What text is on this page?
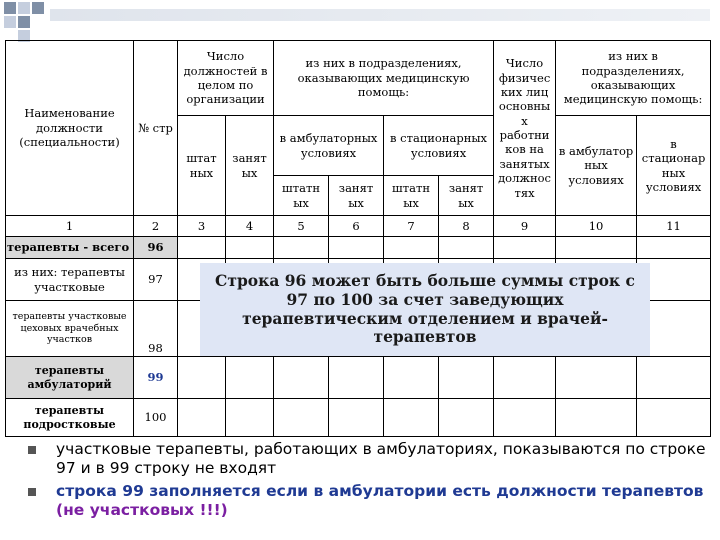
Наименование должности (специальности)	№ стр	Число должностей в целом по организации		из них в подразделениях, оказывающих медицинскую помощь:				Число физичес ких лиц основны х работни ков на занятых должнос тях	из них в подразделениях, оказывающих медицинскую помощь:	
		штат ных	занят ых	в амбулаторных условиях		в стационарных условиях			в амбулатор ных условиях	в стационар ных условиях
				штатн ых	занят ых	штатн ых	занят ых			
1	2	3	4	5	6	7	8	9	10	11
терапевты - всего	96									
из них: терапевты участковые	97									
терапевты участковые цеховых врачебных участков	98									
терапевты амбулаторий	99									
терапевты подростковые	100									
Строка 96 может быть больше суммы строк с 97 по 100 за счет заведующих терапевтическим отделением и врачей-терапевтов
участковые терапевты, работающих в амбулаториях, показываются по строке 97 и в 99 строку не входят
строка 99 заполняется если в амбулатории есть должности терапевтов (не участковых !!!)
